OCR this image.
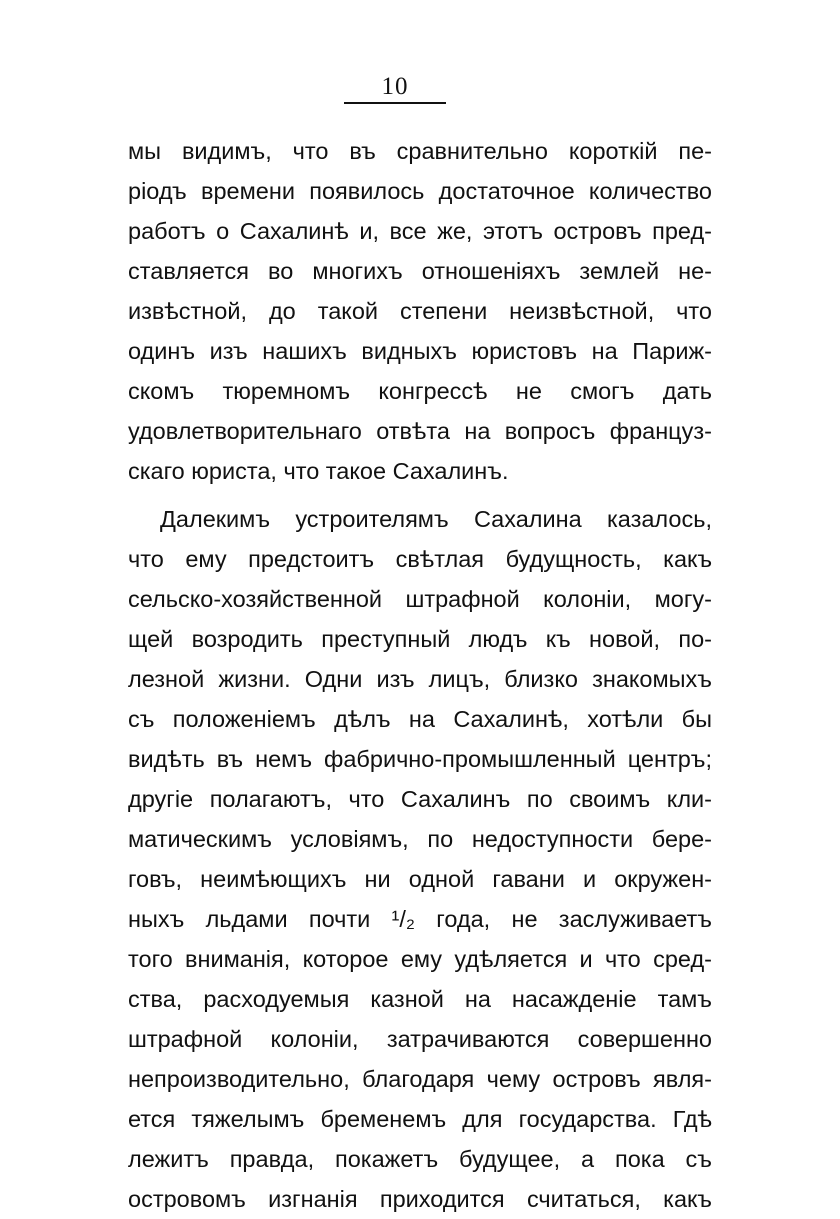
10
мы видимъ, что въ сравнительно короткій пе-
ріодъ времени появилось достаточное количество
работъ о Сахалинѣ и, все же, этотъ островъ пред-
ставляется во многихъ отношеніяхъ землей не-
извѣстной, до такой степени неизвѣстной, что
одинъ изъ нашихъ видныхъ юристовъ на Париж-
скомъ тюремномъ конгрессѣ не смогъ дать
удовлетворительнаго отвѣта на вопросъ француз-
скаго юриста, что такое Сахалинъ.
Далекимъ устроителямъ Сахалина казалось,
что ему предстоитъ свѣтлая будущность, какъ
сельско-хозяйственной штрафной колоніи, могу-
щей возродить преступный людъ къ новой, по-
лезной жизни. Одни изъ лицъ, близко знакомыхъ
съ положеніемъ дѣлъ на Сахалинѣ, хотѣли бы
видѣть въ немъ фабрично-промышленный центръ;
другіе полагаютъ, что Сахалинъ по своимъ кли-
матическимъ условіямъ, по недоступности бере-
говъ, неимѣющихъ ни одной гавани и окружен-
ныхъ льдами почти ¹/₂ года, не заслуживаетъ
того вниманія, которое ему удѣляется и что сред-
ства, расходуемыя казной на насажденіе тамъ
штрафной колоніи, затрачиваются совершенно
непроизводительно, благодаря чему островъ явля-
ется тяжелымъ бременемъ для государства. Гдѣ
лежитъ правда, покажетъ будущее, а пока съ
островомъ изгнанія приходится считаться, какъ
